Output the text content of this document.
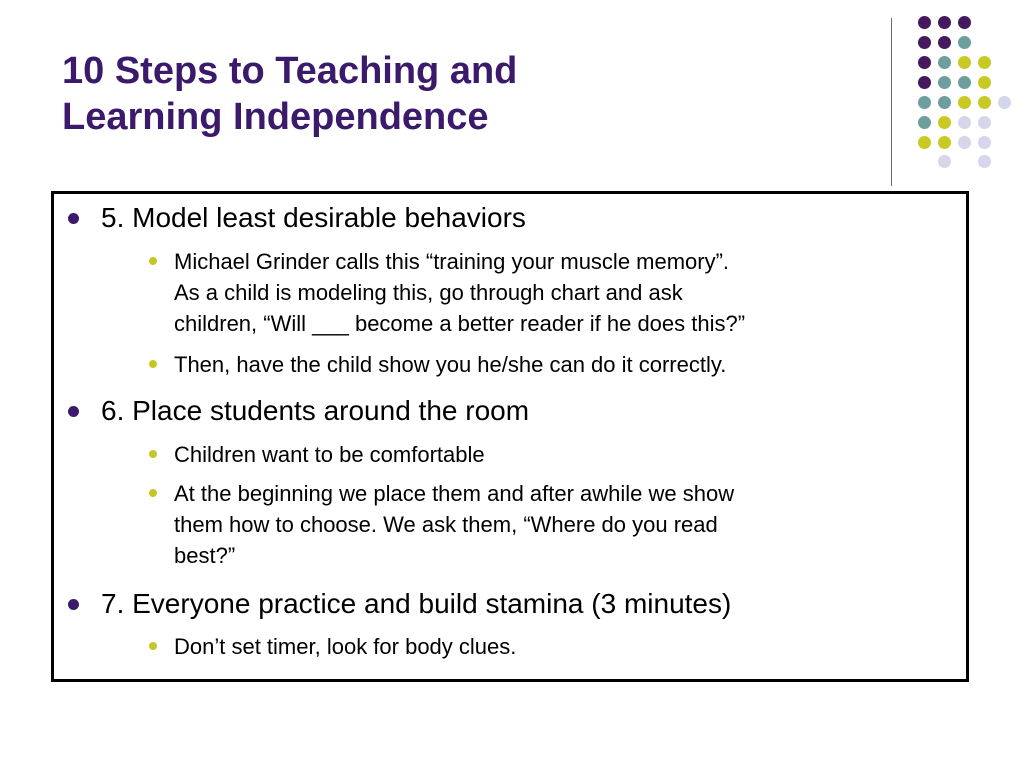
10 Steps to Teaching and
Learning Independence
5. Model least desirable behaviors
Michael Grinder calls this “training your muscle memory”.
As a child is modeling this, go through chart and ask
children, “Will ___ become a better reader if he does this?”
Then, have the child show you he/she can do it correctly.
6. Place students around the room
Children want to be comfortable
At the beginning we place them and after awhile we show
them how to choose. We ask them, “Where do you read
best?”
7. Everyone practice and build stamina (3 minutes)
Don’t set timer, look for body clues.
